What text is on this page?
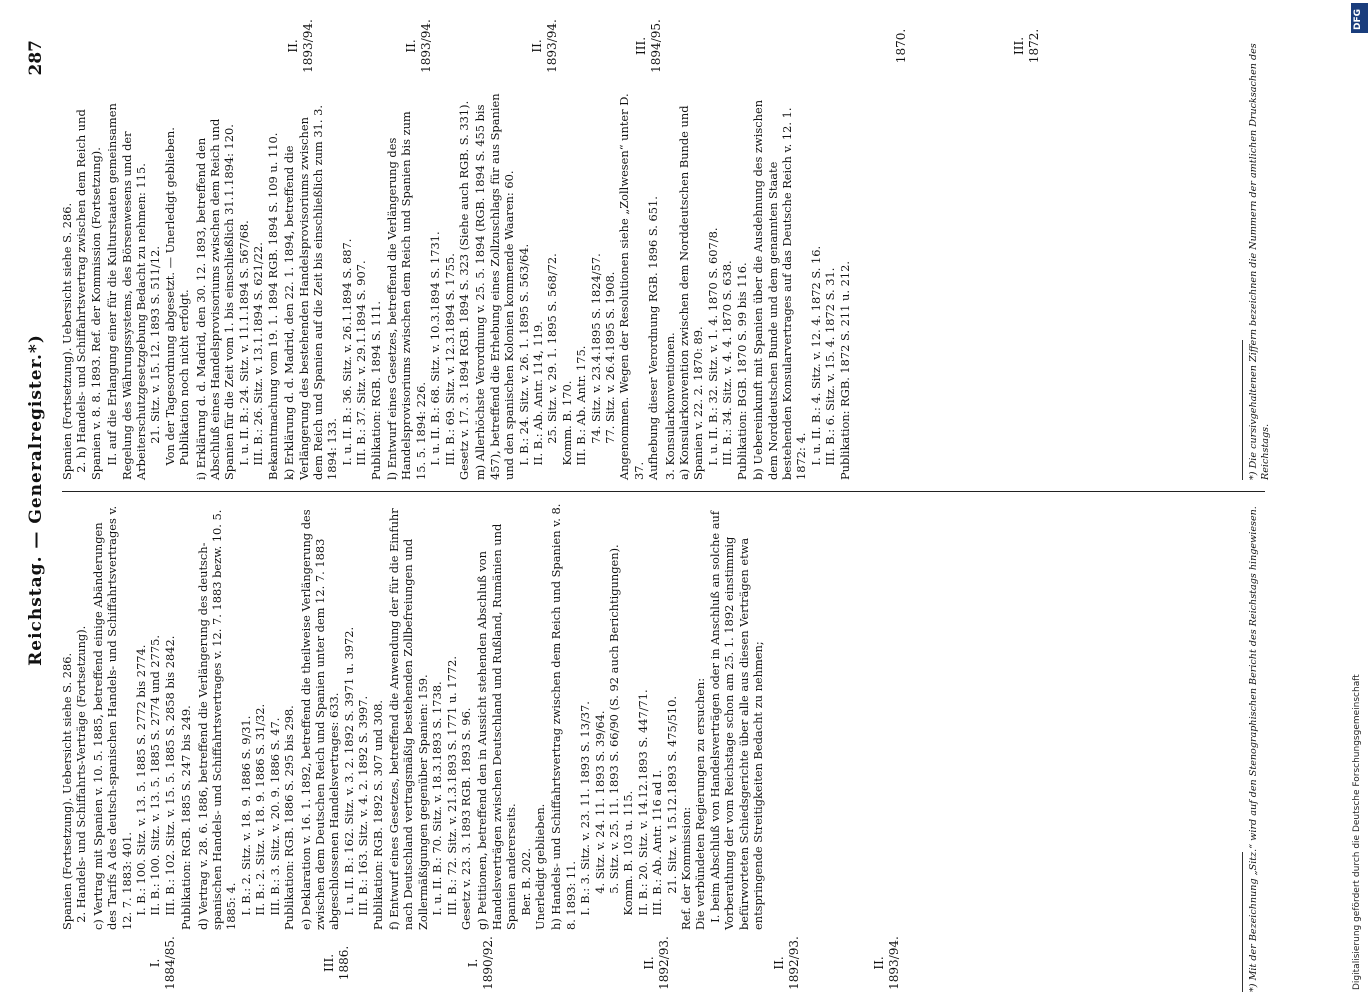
Reichstag. — Generalregister.*)
287
I.
1884/85.	III.
1886.	I.
1890/92.	II.
1892/93.	II.
1892/93.	II.
1893/94.
Spanien (Fortsetzung). Uebersicht siehe S. 286.
2. Handels- und Schiffahrts-Verträge (Fortsetzung).
c) Vertrag mit Spanien v. 10. 5. 1885, betreffend einige Abänderungen des Tarifs A des deutsch-spanischen Handels- und Schiffahrtsvertrages v. 12. 7. 1883: 401.
I. B.: 100. Sitz. v. 13. 5. 1885 S. 2772 bis 2774.
II. B.: 100. Sitz. v. 13. 5. 1885 S. 2774 und 2775.
III. B.: 102. Sitz. v. 15. 5. 1885 S. 2858 bis 2842.
Publikation: RGB. 1885 S. 247 bis 249. d) Vertrag v. 28. 6. 1886, betreffend die Verlängerung des deutsch-spanischen Handels- und Schiffahrtsvertrages v. 12. 7. 1883 bezw. 10. 5. 1885: 4.
I. B.: 2. Sitz. v. 18. 9. 1886 S. 9/31.
II. B.: 2. Sitz. v. 18. 9. 1886 S. 31/32.
III. B.: 3. Sitz. v. 20. 9. 1886 S. 47.
Publikation: RGB. 1886 S. 295 bis 298.
e) Deklaration v. 16. 1. 1892, betreffend die theilweise Verlängerung des zwischen dem Deutschen Reich und Spanien unter dem 12. 7. 1883 abgeschlossenen Handelsvertrages: 633.
I. u. II. B.: 162. Sitz. v. 3. 2. 1892 S. 3971 u. 3972.
III. B.: 163. Sitz. v. 4. 2. 1892 S. 3997.
Publikation: RGB. 1892 S. 307 und 308.
f) Entwurf eines Gesetzes, betreffend die Anwendung der für die Einfuhr nach Deutschland vertragsmäßig bestehenden Zollbefreiungen und Zollermäßigungen gegenüber Spanien: 159.
I. u. II. B.: 70. Sitz. v. 18.3.1893 S. 1738.
III. B.: 72. Sitz. v. 21.3.1893 S. 1771 u. 1772.
Gesetz v. 23. 3. 1893 RGB. 1893 S. 96.
g) Petitionen, betreffend den in Aussicht stehenden Abschluß von Handelsverträgen zwischen Deutschland und Rußland, Rumänien und Spanien andererseits.
Ber. B. 202.
Unerledigt geblieben.
h) Handels- und Schiffahrtsvertrag zwischen dem Reich und Spanien v. 8. 8. 1893: 11.
I. B.: 3. Sitz. v. 23. 11. 1893 S. 13/37.
4. Sitz. v. 24. 11. 1893 S. 39/64.
5. Sitz. v. 25. 11. 1893 S. 66/90 (S. 92 auch Berichtigungen).
Komm. B. 103 u. 115.
II. B.: 20. Sitz. v. 14.12.1893 S. 447/71.
III. B.: Ab. Antr. 116 ad I.
21. Sitz. v. 15.12.1893 S. 475/510.
Ref. der Kommission:
Die verbündeten Regierungen zu ersuchen:
I. beim Abschluß von Handelsverträgen oder in Anschluß an solche auf Vorberathung der vom Reichstage schon am 25. 1. 1892 einstimmig befürworteten Schiedsgerichte über alle aus diesen Verträgen etwa entspringende Streitigkeiten Bedacht zu nehmen;
II.
1893/94.	II.
1893/94.	II.
1893/94.	III.
1894/95.	1870.	III.
1872.
Spanien (Fortsetzung). Uebersicht siehe S. 286.
2. h) Handels- und Schiffahrtsvertrag zwischen dem Reich und Spanien v. 8. 8. 1893. Ref. der Kommission (Fortsetzung).
II. auf die Erlangung einer für die Kulturstaaten gemeinsamen Regelung des Währungssystems, des Börsenwesens und der Arbeiterschutzgesetzgebung Bedacht zu nehmen: 115.
21. Sitz. v. 15. 12. 1893 S. 511/12.
Von der Tagesordnung abgesetzt. — Unerledigt geblieben.
Publikation noch nicht erfolgt.
i) Erklärung d. d. Madrid, den 30. 12. 1893, betreffend den Abschluß eines Handelsprovisoriums zwischen dem Reich und Spanien für die Zeit vom 1. bis einschließlich 31.1.1894: 120.
I. u. II. B.: 24. Sitz. v. 11.1.1894 S. 567/68.
III. B.: 26. Sitz. v. 13.1.1894 S. 621/22.
Bekanntmachung vom 19. 1. 1894 RGB. 1894 S. 109 u. 110.
k) Erklärung d. d. Madrid, den 22. 1. 1894, betreffend die Verlängerung des bestehenden Handelsprovisoriums zwischen dem Reich und Spanien auf die Zeit bis einschließlich zum 31. 3. 1894: 133.
I. u. II. B.: 36. Sitz. v. 26.1.1894 S. 887.
III. B.: 37. Sitz. v. 29.1.1894 S. 907.
Publikation: RGB. 1894 S. 111.
l) Entwurf eines Gesetzes, betreffend die Verlängerung des Handelsprovisoriums zwischen dem Reich und Spanien bis zum 15. 5. 1894: 226.
I. u. II. B.: 68. Sitz. v. 10.3.1894 S. 1731.
III. B.: 69. Sitz. v. 12.3.1894 S. 1755.
Gesetz v. 17. 3. 1894 RGB. 1894 S. 323 (Siehe auch RGB. S. 331).
m) Allerhöchste Verordnung v. 25. 5. 1894 (RGB. 1894 S. 455 bis 457), betreffend die Erhebung eines Zollzuschlags für aus Spanien und den spanischen Kolonien kommende Waaren: 60.
I. B.: 24. Sitz. v. 26. 1. 1895 S. 563/64.
II. B.: Ab. Antr. 114, 119.
25. Sitz. v. 29. 1. 1895 S. 568/72.
Komm. B. 170.
III. B.: Ab. Antr. 175.
74. Sitz. v. 23.4.1895 S. 1824/57.
77. Sitz. v. 26.4.1895 S. 1908.
Angenommen. Wegen der Resolutionen siehe „Zollwesen“ unter D. 37.
Aufhebung dieser Verordnung RGB. 1896 S. 651.
3. Konsularkonventionen.
a) Konsularkonvention zwischen dem Norddeutschen Bunde und Spanien v. 22. 2. 1870: 89.
I. u. II. B.: 32. Sitz. v. 1. 4. 1870 S. 607/8.
III. B.: 34. Sitz. v. 4. 4. 1870 S. 638.
Publikation: BGB. 1870 S. 99 bis 116.
b) Uebereinkunft mit Spanien über die Ausdehnung des zwischen dem Norddeutschen Bunde und dem genannten Staate bestehenden Konsularvertrages auf das Deutsche Reich v. 12. 1. 1872: 4.
I. u. II. B.: 4. Sitz. v. 12. 4. 1872 S. 16.
III. B.: 6. Sitz. v. 15. 4. 1872 S. 31.
Publikation: RGB. 1872 S. 211 u. 212.
*) Mit der Bezeichnung „Sitz.“ wird auf den Stenographischen Bericht des Reichstags hingewiesen.
*) Die cursivgehaltenen Ziffern bezeichnen die Nummern der amtlichen Drucksachen des Reichstags.
Digitalisierung gefördert durch die Deutsche Forschungsgemeinschaft
DFG
